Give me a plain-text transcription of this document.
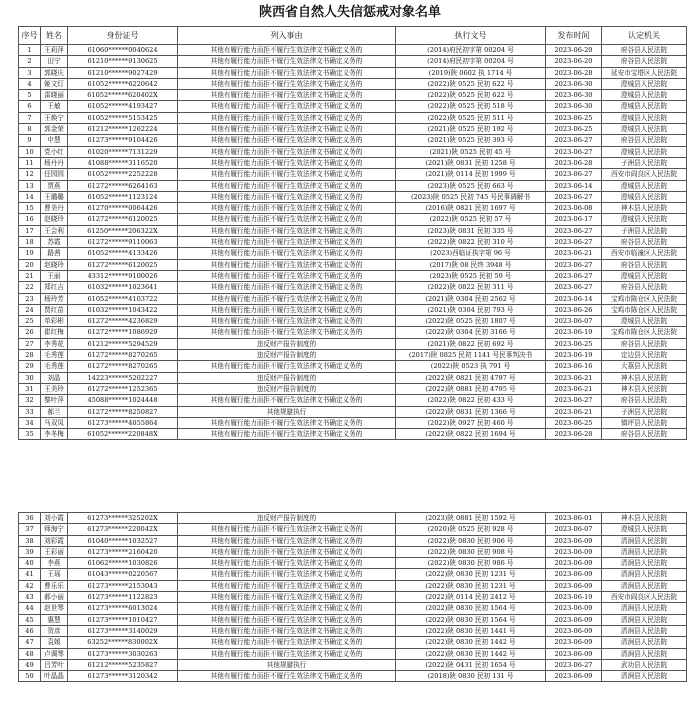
陕西省自然人失信惩戒对象名单
序号	姓名	身份证号	列入事由	执行文号	发布时间	认定机关
1	王莉萍	61060******0040624	其他有履行能力而拒不履行生效法律文书确定义务的	(2014)府民初字第 00204 号	2023-06-20	府谷县人民法院
2	田宁	61210******9130625	其他有履行能力而拒不履行生效法律文书确定义务的	(2014)府民初字第 00204 号	2023-06-20	府谷县人民法院
3	郭晓庆	61210******9027429	其他有履行能力而拒不履行生效法律文书确定义务的	(2019)陕 0602 执 1714 号	2023-06-28	延安市宝塔区人民法院
4	姬文灯	61052******6220642	其他有履行能力而拒不履行生效法律文书确定义务的	(2022)陕 0525 民初 622 号	2023-06-30	澄城县人民法院
5	雷晓丽	61052******620402X	其他有履行能力而拒不履行生效法律文书确定义务的	(2022)陕 0525 民初 622 号	2023-06-30	澄城县人民法院
6	王敏	61052******4193427	其他有履行能力而拒不履行生效法律文书确定义务的	(2022)陕 0525 民初 518 号	2023-06-30	澄城县人民法院
7	王焕宁	61052******5153425	其他有履行能力而拒不履行生效法律文书确定义务的	(2022)陕 0525 民初 511 号	2023-06-25	澄城县人民法院
8	郭金荣	61212******1262224	其他有履行能力而拒不履行生效法律文书确定义务的	(2021)陕 0525 民初 192 号	2023-06-25	澄城县人民法院
9	申慧	61273******9104426	其他有履行能力而拒不履行生效法律文书确定义务的	(2021)陕 0525 民初 393 号	2023-06-27	府谷县人民法院
10	党小红	61020******7131229	其他有履行能力而拒不履行生效法律文书确定义务的	(2021)陕 0525 民初 45 号	2023-06-27	澄城县人民法院
11	杨丹丹	41088******3116520	其他有履行能力而拒不履行生效法律文书确定义务的	(2021)陕 0831 民初 1258 号	2023-06-28	子洲县人民法院
12	任园园	61052******2252228	其他有履行能力而拒不履行生效法律文书确定义务的	(2021)陕 0114 民初 1999 号	2023-06-27	西安市阎良区人民法院
13	贾燕	61272******6264163	其他有履行能力而拒不履行生效法律文书确定义务的	(2023)陕 0525 民初 663 号	2023-06-14	澄城县人民法院
14	王璐璐	61052******1123124	其他有履行能力而拒不履行生效法律文书确定义务的	(2023)陕 0525 民初 745 号民事调解书	2023-06-27	澄城县人民法院
15	曹美丹	61270******0064426	其他有履行能力而拒不履行生效法律文书确定义务的	(2016)陕 0821 民初 1697 号	2023-06-08	神木县人民法院
16	赵晓玲	61272******6120025	其他有履行能力而拒不履行生效法律文书确定义务的	(2022)陕 0525 民初 57 号	2023-06-17	澄城县人民法院
17	王会利	61250******206322X	其他有履行能力而拒不履行生效法律文书确定义务的	(2023)陕 0831 民初 335 号	2023-06-27	子洲县人民法院
18	苏霞	61272******9110063	其他有履行能力而拒不履行生效法律文书确定义务的	(2022)陕 0822 民初 310 号	2023-06-27	府谷县人民法院
19	路茜	61052******4133426	其他有履行能力而拒不履行生效法律文书确定义务的	(2023)西临证执字第 96 号	2023-06-21	西安市临潼区人民法院
20	赵晓玲	61272******6120025	其他有履行能力而拒不履行生效法律文书确定义务的	(2017)陕 08 民终 3948 号	2023-06-27	府谷县人民法院
21	王丽	43312******9100026	其他有履行能力而拒不履行生效法律文书确定义务的	(2023)陕 0525 民初 59 号	2023-06-27	澄城县人民法院
22	郑红吉	61032******1023641	其他有履行能力而拒不履行生效法律文书确定义务的	(2022)陕 0822 民初 311 号	2023-06-27	府谷县人民法院
23	杨玲芳	61052******4103722	其他有履行能力而拒不履行生效法律文书确定义务的	(2021)陕 0304 民初 2562 号	2023-06-14	宝鸡市陈仓区人民法院
24	贾红苗	61032******1043422	其他有履行能力而拒不履行生效法律文书确定义务的	(2021)陕 0304 民初 793 号	2023-06-26	宝鸡市陈仓区人民法院
25	单彩彬	61272******4236829	其他有履行能力而拒不履行生效法律文书确定义务的	(2022)陕 0525 民初 1807 号	2023-06-07	澄城县人民法院
26	崔红梅	61272******1086929	其他有履行能力而拒不履行生效法律文书确定义务的	(2022)陕 0304 民初 3166 号	2023-06-19	宝鸡市陈仓区人民法院
27	李秀花	61212******5294529	违反财产报告制度的	(2021)陕 0822 民初 692 号	2023-06-25	府谷县人民法院
28	毛秀莲	61272******8270265	违反财产报告制度的	(2017)陕 0825 民初 1141 号民事判决书	2023-06-19	定边县人民法院
29	毛秀莲	61272******8270265	其他有履行能力而拒不履行生效法律文书确定义务的	(2022)陕 0523 执 791 号	2023-06-16	大荔县人民法院
30	刘晶	14223******5202227	违反财产报告制度的	(2022)陕 0821 民初 4797 号	2023-06-21	神木县人民法院
31	王美玲	61272******1252365	违反财产报告制度的	(2022)陕 0881 民初 4795 号	2023-06-21	神木县人民法院
32	黎叶萍	45088******1024448	其他有履行能力而拒不履行生效法律文书确定义务的	(2022)陕 0822 民初 433 号	2023-06-27	府谷县人民法院
33	郝兰	61272******8250827	其他规避执行	(2022)陕 0831 民初 1366 号	2023-06-21	子洲县人民法院
34	马双凤	61273******4055864	其他有履行能力而拒不履行生效法律文书确定义务的	(2022)陕 0927 民初 460 号	2023-06-25	镇坪县人民法院
35	李冬梅	61052******220848X	其他有履行能力而拒不履行生效法律文书确定义务的	(2022)陕 0822 民初 1694 号	2023-06-28	府谷县人民法院
36	刘小霞	61273******325202X	违反财产报告制度的	(2023)陕 0881 民初 1592 号	2023-06-01	神木县人民法院
37	师海宁	61273******220042X	其他有履行能力而拒不履行生效法律文书确定义务的	(2020)陕 0525 民初 928 号	2023-06-07	澄城县人民法院
38	刘彩霞	61040******1032527	其他有履行能力而拒不履行生效法律文书确定义务的	(2022)陕 0830 民初 906 号	2023-06-09	清涧县人民法院
39	王彩丽	61273******2160420	其他有履行能力而拒不履行生效法律文书确定义务的	(2022)陕 0830 民初 908 号	2023-06-09	清涧县人民法院
40	李燕	61062******1030826	其他有履行能力而拒不履行生效法律文书确定义务的	(2022)陕 0830 民初 986 号	2023-06-09	清涧县人民法院
41	王瑶	61043******0220567	其他有履行能力而拒不履行生效法律文书确定义务的	(2022)陕 0830 民初 1231 号	2023-06-09	清涧县人民法院
42	曹乐乐	61273******2153043	其他有履行能力而拒不履行生效法律文书确定义务的	(2022)陕 0830 民初 1231 号	2023-06-09	清涧县人民法院
43	郝小丽	61273******1122823	其他有履行能力而拒不履行生效法律文书确定义务的	(2022)陕 0114 民初 2412 号	2023-06-19	西安市阎良区人民法院
44	赵世琴	61273******6013024	其他有履行能力而拒不履行生效法律文书确定义务的	(2022)陕 0830 民初 1564 号	2023-06-09	清涧县人民法院
45	惠慧	61273******1010427	其他有履行能力而拒不履行生效法律文书确定义务的	(2022)陕 0830 民初 1564 号	2023-06-09	清涧县人民法院
46	贺彦	61273******3140029	其他有履行能力而拒不履行生效法律文书确定义务的	(2022)陕 0830 民初 1441 号	2023-06-09	清涧县人民法院
47	袁媛	63252******830002X	其他有履行能力而拒不履行生效法律文书确定义务的	(2022)陕 0830 民初 1442 号	2023-06-09	清涧县人民法院
48	卢调琴	61273******3030263	其他有履行能力而拒不履行生效法律文书确定义务的	(2022)陕 0830 民初 1442 号	2023-06-09	清涧县人民法院
49	吕芳叶	61212******5235827	其他规避执行	(2022)陕 0431 民初 1654 号	2023-06-27	武功县人民法院
50	叶晶晶	61273******3120342	其他有履行能力而拒不履行生效法律文书确定义务的	(2018)陕 0830 民初 131 号	2023-06-09	清涧县人民法院
